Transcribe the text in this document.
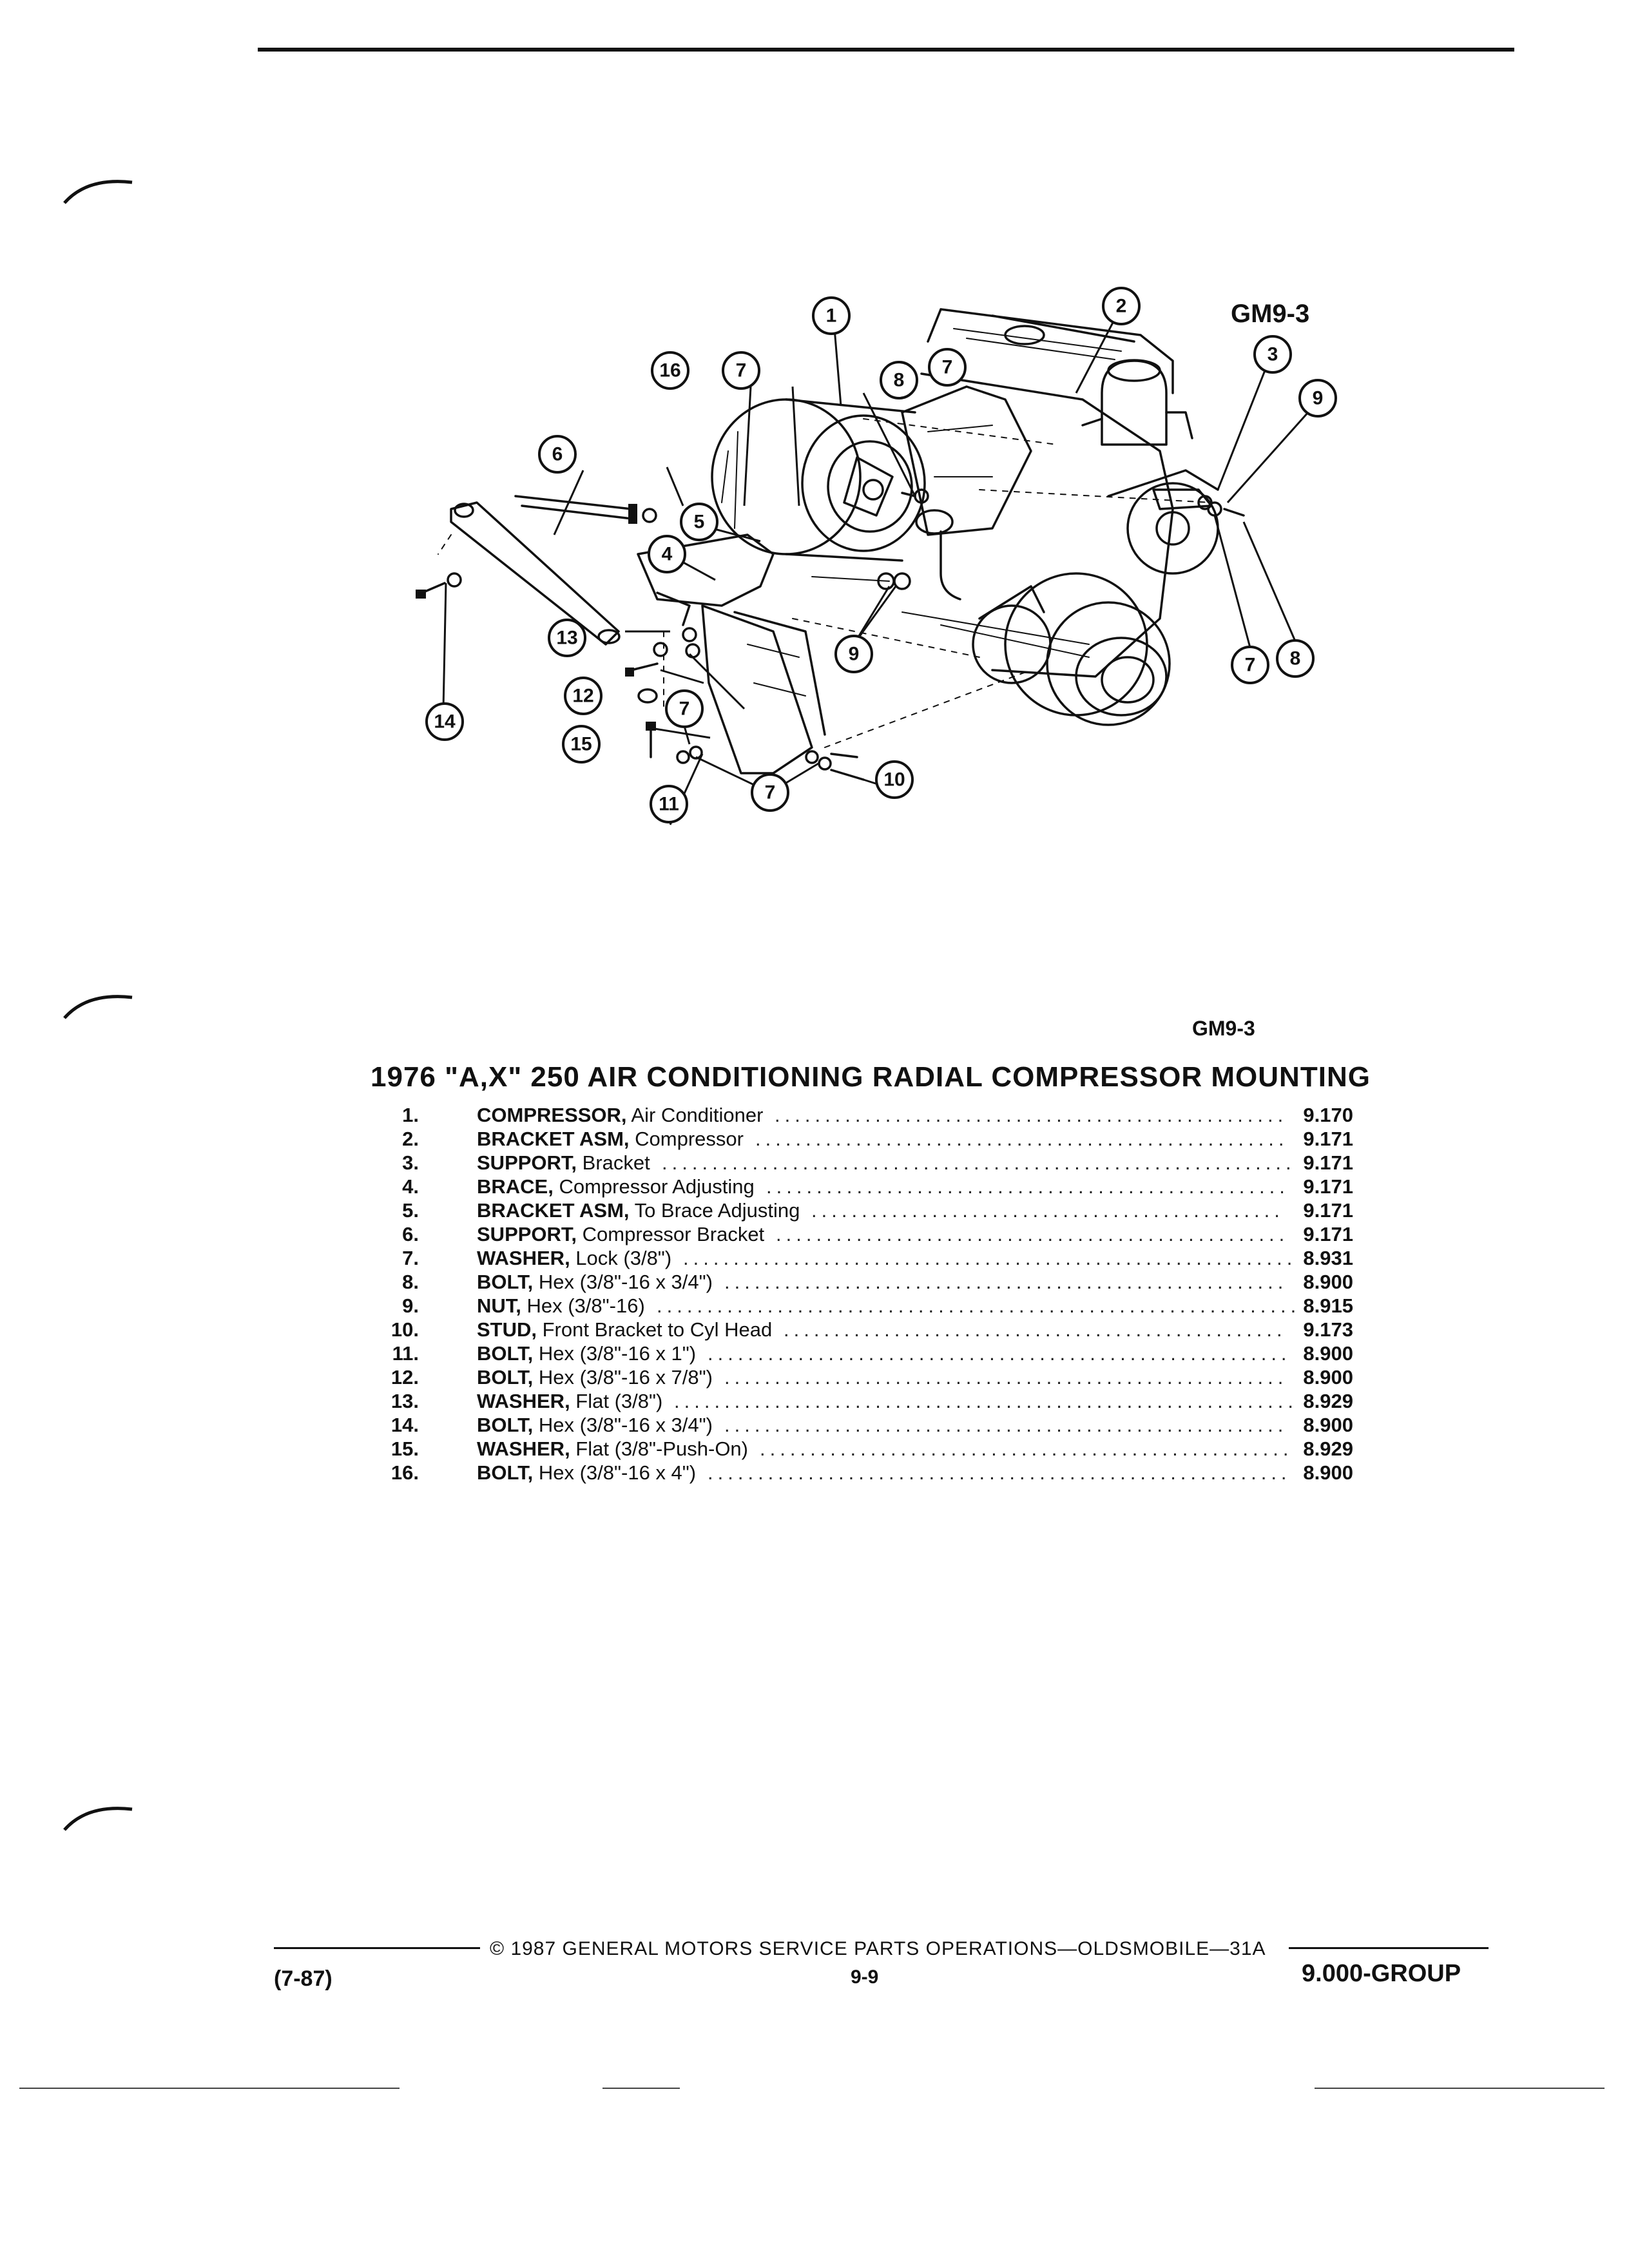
GM9-3
1	2
3
4
5
6
7	7
7
7
7
8
8
9
9
10
11
12
13
14
15
16
GM9-3
1976 "A,X" 250 AIR CONDITIONING RADIAL COMPRESSOR MOUNTING
1.	COMPRESSOR, Air Conditioner ................................................... 9.170
2.	BRACKET ASM, Compressor ..................................................... 9.171
3.	SUPPORT, Bracket ............................................................... 9.171
4.	BRACE, Compressor Adjusting .................................................... 9.171
5.	BRACKET ASM, To Brace Adjusting ............................................... 9.171
6.	SUPPORT, Compressor Bracket ................................................... 9.171
7.	WASHER, Lock (3/8") ............................................................. 8.931
8.	BOLT, Hex (3/8"-16 x 3/4") ........................................................ 8.900
9.	NUT, Hex (3/8"-16) ................................................................ 8.915
10.	STUD, Front Bracket to Cyl Head .................................................. 9.173
11.	BOLT, Hex (3/8"-16 x 1") .......................................................... 8.900
12.	BOLT, Hex (3/8"-16 x 7/8") ........................................................ 8.900
13.	WASHER, Flat (3/8") .............................................................. 8.929
14.	BOLT, Hex (3/8"-16 x 3/4") ........................................................ 8.900
15.	WASHER, Flat (3/8"-Push-On) ..................................................... 8.929
16.	BOLT, Hex (3/8"-16 x 4") .......................................................... 8.900
© 1987 GENERAL MOTORS SERVICE PARTS OPERATIONS—OLDSMOBILE—31A
(7-87)	9-9	9.000-GROUP
